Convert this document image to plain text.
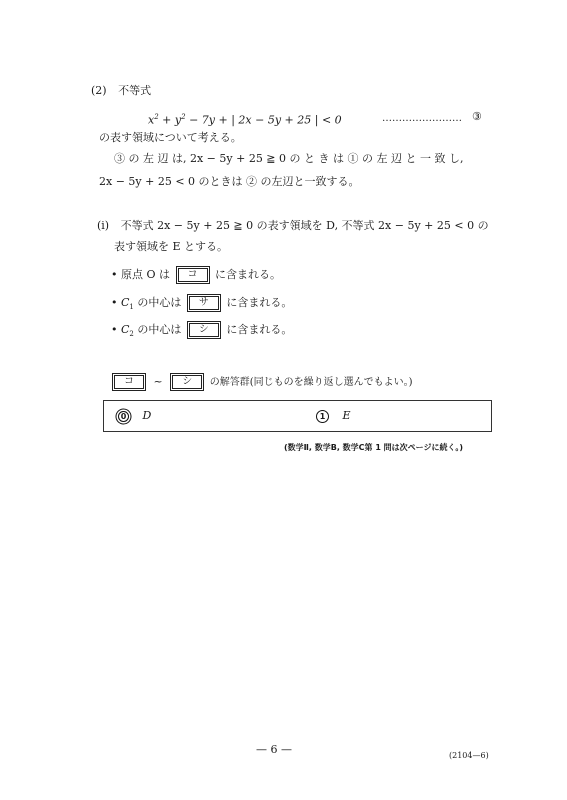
(2) 不等式
$x^2 + y^2 - 7y$ + | 2x − 5y + 25 | < 0	…………………… ③
の表す領域について考える。
③ の 左 辺 は, 2x − 5y + 25 ≧ 0 の と き は ① の 左 辺 と 一 致 し,
2x − 5y + 25 < 0 のときは ② の左辺と一致する。
(i) 不等式 2x − 5y + 25 ≧ 0 の表す領域を D, 不等式 2x − 5y + 25 < 0 の
表す領域を E とする。
• 原点 O は	コ	に含まれる。
• $C_1$ の中心は	サ	に含まれる。
• $C_2$ の中心は	シ	に含まれる。
コ	~	シ	の解答群(同じものを繰り返し選んでもよい。)
0 D	1 E
(数学Ⅱ, 数学B, 数学C第 1 問は次ページに続く。)
— 6 —	(2104—6)
